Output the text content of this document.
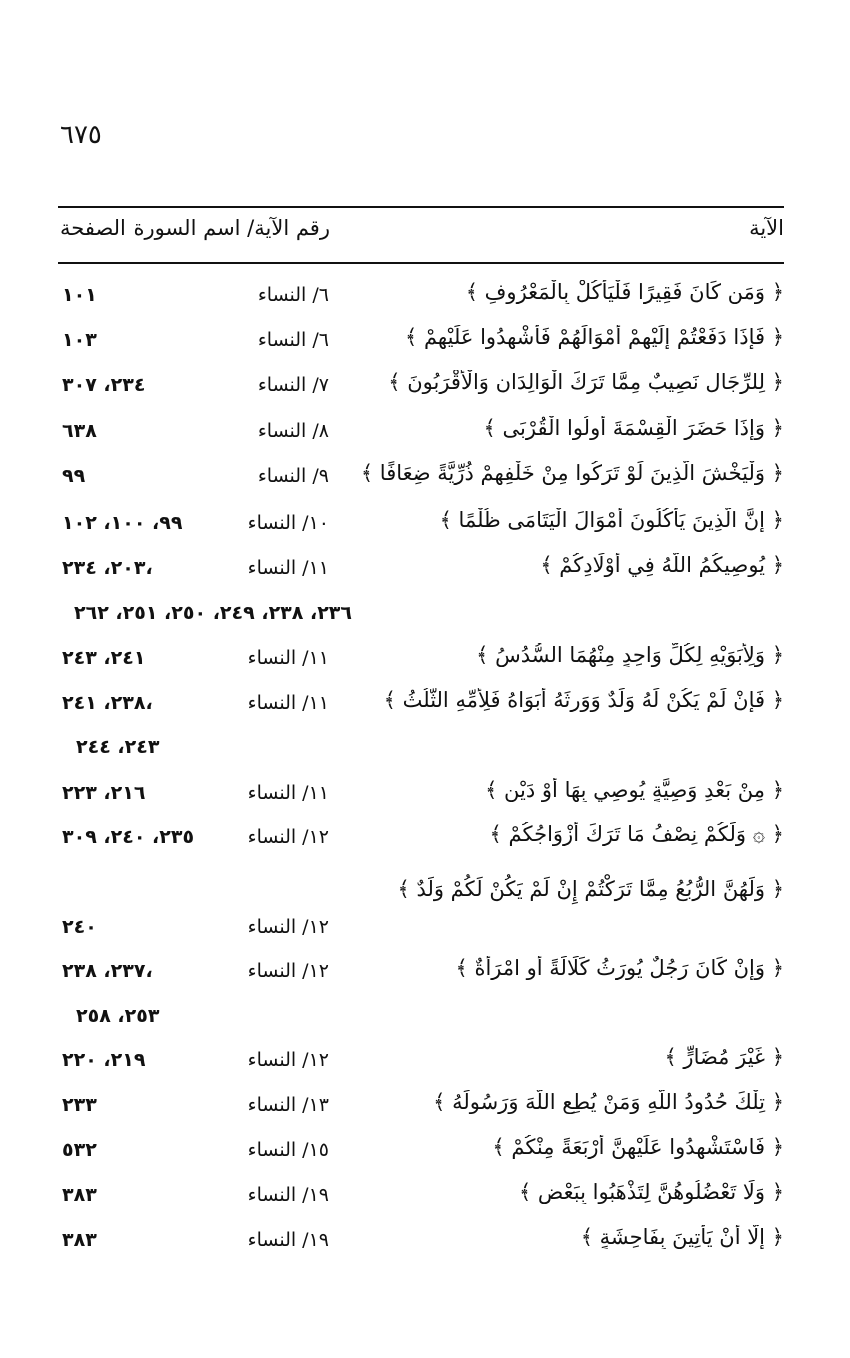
٦٧٥
الآية
رقم الآية/ اسم السورة
الصفحة
﴿ وَمَن كَانَ فَقِيرًا فَلْيَأْكُلْ بِالْمَعْرُوفِ ﴾
٦/ النساء
١٠١
﴿ فَإِذَا دَفَعْتُمْ إِلَيْهِمْ أَمْوَالَهُمْ فَأَشْهِدُوا عَلَيْهِمْ ﴾
٦/ النساء
١٠٣
﴿ لِلرِّجَالِ نَصِيبٌ مِمَّا تَرَكَ الْوَالِدَانِ وَالْأَقْرَبُونَ ﴾
٧/ النساء
٢٣٤، ٣٠٧
﴿ وَإِذَا حَضَرَ الْقِسْمَةَ أُولُوا الْقُرْبَى ﴾
٨/ النساء
٦٣٨
﴿ وَلْيَخْشَ الَّذِينَ لَوْ تَرَكُوا مِنْ خَلْفِهِمْ ذُرِّيَّةً ضِعَافًا ﴾
٩/ النساء
٩٩
﴿ إِنَّ الَّذِينَ يَأْكُلُونَ أَمْوَالَ الْيَتَامَى ظُلْمًا ﴾
١٠/ النساء
٩٩، ١٠٠، ١٠٢
﴿ يُوصِيكُمُ اللَّهُ فِي أَوْلَادِكُمْ ﴾
١١/ النساء
٢٠٣، ٢٣٤،
٢٣٦، ٢٣٨، ٢٤٩، ٢٥٠، ٢٥١، ٢٦٢
﴿ وَلِأَبَوَيْهِ لِكُلِّ وَاحِدٍ مِنْهُمَا السُّدُسُ ﴾
١١/ النساء
٢٤١، ٢٤٣
﴿ فَإِنْ لَمْ يَكُنْ لَهُ وَلَدٌ وَوَرِثَهُ أَبَوَاهُ فَلِأُمِّهِ الثُّلُثُ ﴾
١١/ النساء
٢٣٨، ٢٤١،
٢٤٣، ٢٤٤
﴿ مِنْ بَعْدِ وَصِيَّةٍ يُوصِي بِهَا أَوْ دَيْنٍ ﴾
١١/ النساء
٢١٦، ٢٢٣
﴿ ۞ وَلَكُمْ نِصْفُ مَا تَرَكَ أَزْوَاجُكُمْ ﴾
١٢/ النساء
٢٣٥، ٢٤٠، ٣٠٩
﴿ وَلَهُنَّ الرُّبُعُ مِمَّا تَرَكْتُمْ إِنْ لَمْ يَكُنْ لَكُمْ وَلَدٌ ﴾
١٢/ النساء
٢٤٠
﴿ وَإِنْ كَانَ رَجُلٌ يُورَثُ كَلَالَةً أَوِ امْرَأَةٌ ﴾
١٢/ النساء
٢٣٧، ٢٣٨،
٢٥٣، ٢٥٨
﴿ غَيْرَ مُضَارٍّ ﴾
١٢/ النساء
٢١٩، ٢٢٠
﴿ تِلْكَ حُدُودُ اللَّهِ وَمَنْ يُطِعِ اللَّهَ وَرَسُولَهُ ﴾
١٣/ النساء
٢٣٣
﴿ فَاسْتَشْهِدُوا عَلَيْهِنَّ أَرْبَعَةً مِنْكُمْ ﴾
١٥/ النساء
٥٣٢
﴿ وَلَا تَعْضُلُوهُنَّ لِتَذْهَبُوا بِبَعْضِ ﴾
١٩/ النساء
٣٨٣
﴿ إِلَّا أَنْ يَأْتِينَ بِفَاحِشَةٍ ﴾
١٩/ النساء
٣٨٣
